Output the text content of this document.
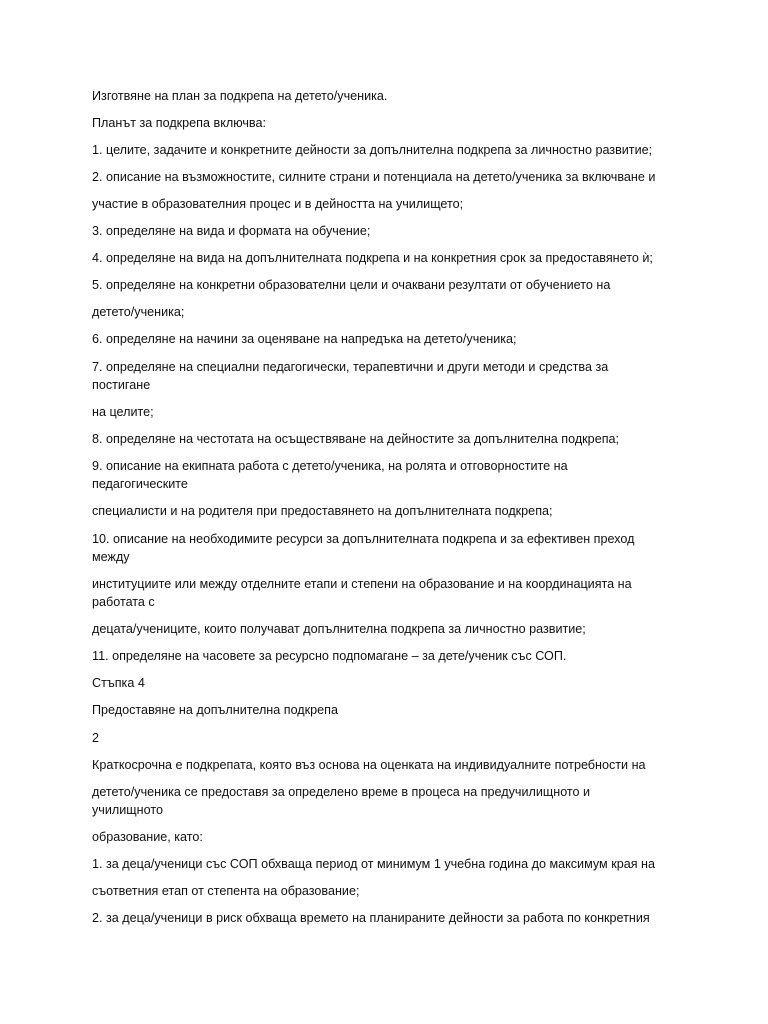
Изготвяне на план за подкрепа на детето/ученика.
Планът за подкрепа включва:
1. целите, задачите и конкретните дейности за допълнителна подкрепа за личностно развитие;
2. описание на възможностите, силните страни и потенциала на детето/ученика за включване и
участие в образователния процес и в дейността на училището;
3. определяне на вида и формата на обучение;
4. определяне на вида на допълнителната подкрепа и на конкретния срок за предоставянето ѝ;
5. определяне на конкретни образователни цели и очаквани резултати от обучението на
детето/ученика;
6. определяне на начини за оценяване на напредъка на детето/ученика;
7. определяне на специални педагогически, терапевтични и други методи и средства за
постигане
на целите;
8. определяне на честотата на осъществяване на дейностите за допълнителна подкрепа;
9. описание на екипната работа с детето/ученика, на ролята и отговорностите на
педагогическите
специалисти и на родителя при предоставянето на допълнителната подкрепа;
10. описание на необходимите ресурси за допълнителната подкрепа и за ефективен преход
между
институциите или между отделните етапи и степени на образование и на координацията на
работата с
децата/учениците, които получават допълнителна подкрепа за личностно развитие;
11. определяне на часовете за ресурсно подпомагане – за дете/ученик със СОП.
Стъпка 4
Предоставяне на допълнителна подкрепа
2
Краткосрочна е подкрепата, която въз основа на оценката на индивидуалните потребности на
детето/ученика се предоставя за определено време в процеса на предучилищното и
училищното
образование, като:
1. за деца/ученици със СОП обхваща период от минимум 1 учебна година до максимум края на
съответния етап от степента на образование;
2. за деца/ученици в риск обхваща времето на планираните дейности за работа по конкретния
